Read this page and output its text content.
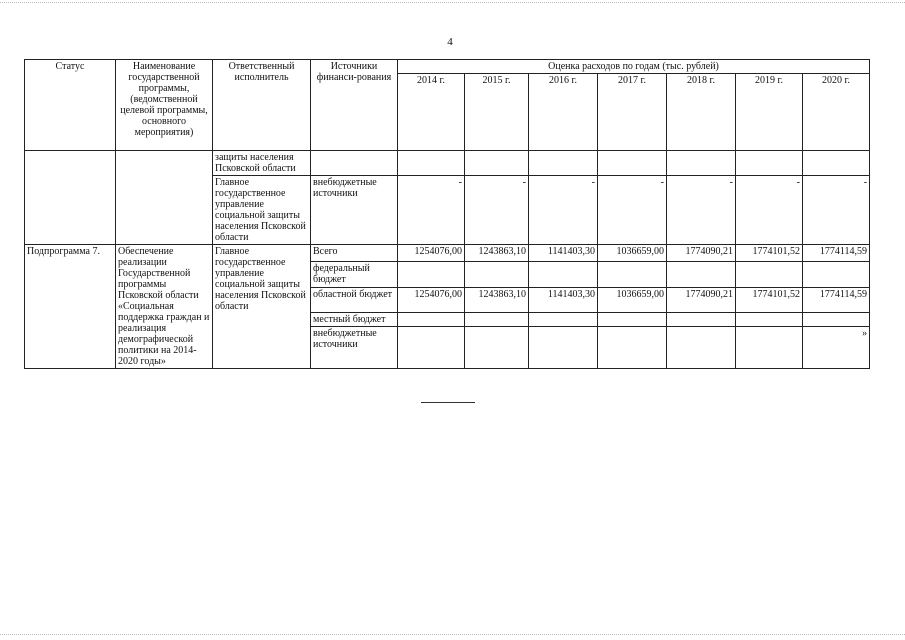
4
Статус	Наименование государственной программы, (ведомственной целевой программы, основного мероприятия)	Ответственный исполнитель	Источники финанси-рования	Оценка расходов по годам (тыс. рублей)						
				2014 г.	2015 г.	2016 г.	2017 г.	2018 г.	2019 г.	2020 г.
		защиты населения Псковской области								
		Главное государственное управление социальной защиты населения Псковской области	внебюджетные источники	-	-	-	-	-	-	-
Подпрограмма 7.	Обеспечение реализации Государственной программы Псковской области «Социальная поддержка граждан и реализация демографической политики на 2014-2020 годы»	Главное государственное управление социальной защиты населения Псковской области	Всего	1254076,00	1243863,10	1141403,30	1036659,00	1774090,21	1774101,52	1774114,59
			федеральный бюджет							
			областной бюджет	1254076,00	1243863,10	1141403,30	1036659,00	1774090,21	1774101,52	1774114,59
			местный бюджет							
			внебюджетные источники							»
